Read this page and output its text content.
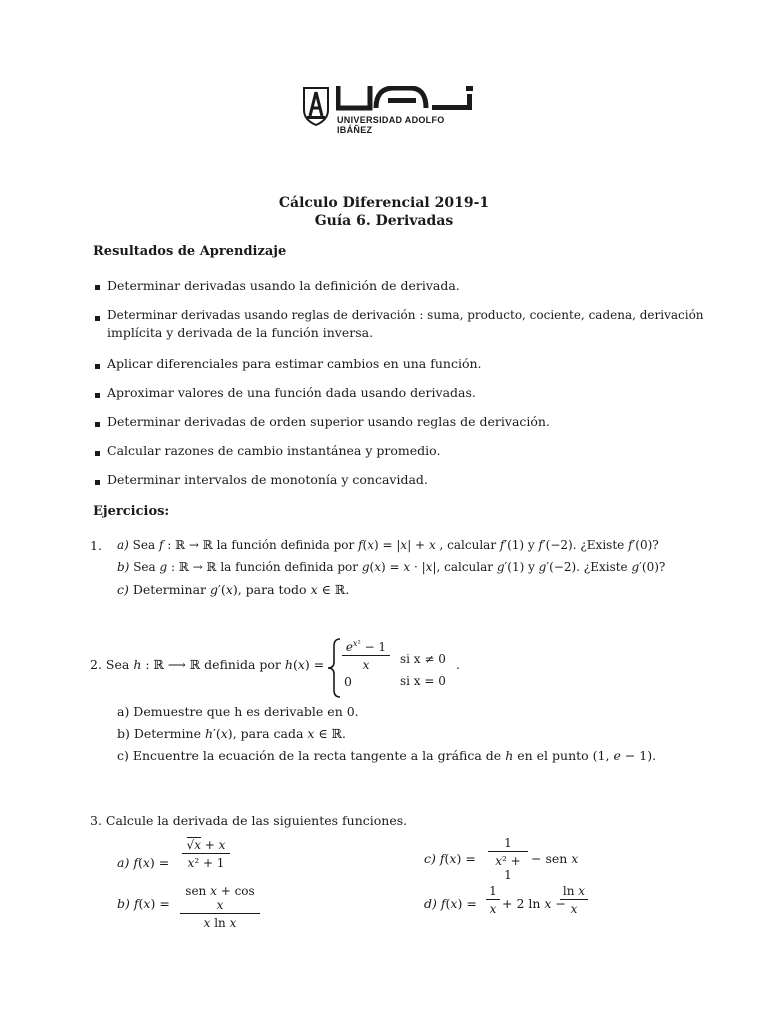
UNIVERSIDAD ADOLFO IBÁÑEZ
Cálculo Diferencial 2019-1
Guía 6. Derivadas
Resultados de Aprendizaje
Determinar derivadas usando la definición de derivada.
Determinar derivadas usando reglas de derivación : suma, producto, cociente, cadena, derivación
implícita y derivada de la función inversa.
Aplicar diferenciales para estimar cambios en una función.
Aproximar valores de una función dada usando derivadas.
Determinar derivadas de orden superior usando reglas de derivación.
Calcular razones de cambio instantánea y promedio.
Determinar intervalos de monotonía y concavidad.
Ejercicios:
1. a) Sea f : ℝ → ℝ la función definida por f(x) = |x| + x , calcular f′(1) y f′(−2). ¿Existe f′(0)?
b) Sea g : ℝ → ℝ la función definida por g(x) = x · |x|, calcular g′(1) y g′(−2). ¿Existe g′(0)?
c) Determinar g′(x), para todo x ∈ ℝ.
2. Sea h : ℝ ⟶ ℝ definida por h(x) =
$e^{x^2} - 1$
x	si x ≠ 0
0	si x = 0
.
a) Demuestre que h es derivable en 0.
b) Determine h′(x), para cada x ∈ ℝ.
c) Encuentre la ecuación de la recta tangente a la gráfica de h en el punto (1, e − 1).
3. Calcule la derivada de las siguientes funciones.
a) f(x) =
√x + x
x² + 1	c) f(x) =
1
x² + 1
− sen x
b) f(x) =
sen x + cos x
x ln x
d) f(x) =
1
x + 2 ln x −
ln x
x
